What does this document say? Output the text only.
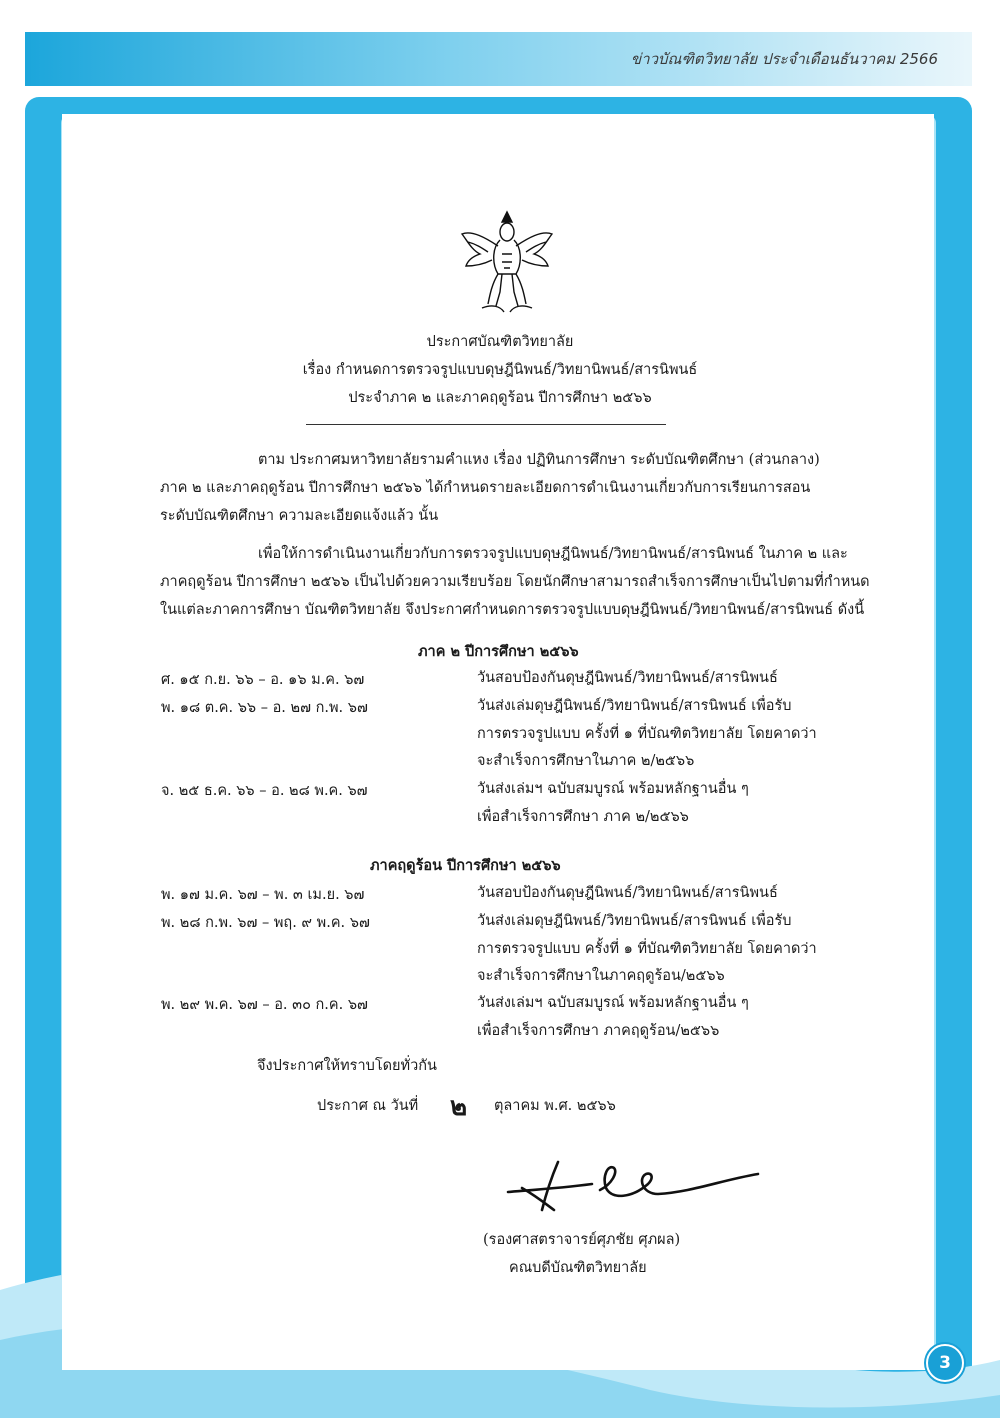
ข่าวบัณฑิตวิทยาลัย ประจำเดือนธันวาคม 2566
3
ประกาศบัณฑิตวิทยาลัย
เรื่อง กำหนดการตรวจรูปแบบดุษฎีนิพนธ์/วิทยานิพนธ์/สารนิพนธ์
ประจำภาค ๒ และภาคฤดูร้อน ปีการศึกษา ๒๕๖๖

ตาม ประกาศมหาวิทยาลัยรามคำแหง เรื่อง ปฏิทินการศึกษา ระดับบัณฑิตศึกษา (ส่วนกลาง)

ภาค ๒ และภาคฤดูร้อน ปีการศึกษา ๒๕๖๖ ได้กำหนดรายละเอียดการดำเนินงานเกี่ยวกับการเรียนการสอน

ระดับบัณฑิตศึกษา ความละเอียดแจ้งแล้ว นั้น

เพื่อให้การดำเนินงานเกี่ยวกับการตรวจรูปแบบดุษฎีนิพนธ์/วิทยานิพนธ์/สารนิพนธ์ ในภาค ๒ และ

ภาคฤดูร้อน ปีการศึกษา ๒๕๖๖ เป็นไปด้วยความเรียบร้อย โดยนักศึกษาสามารถสำเร็จการศึกษาเป็นไปตามที่กำหนด

ในแต่ละภาคการศึกษา บัณฑิตวิทยาลัย จึงประกาศกำหนดการตรวจรูปแบบดุษฎีนิพนธ์/วิทยานิพนธ์/สารนิพนธ์ ดังนี้

ภาค ๒ ปีการศึกษา ๒๕๖๖
ศ. ๑๕ ก.ย. ๖๖ – อ. ๑๖ ม.ค. ๖๗	วันสอบป้องกันดุษฎีนิพนธ์/วิทยานิพนธ์/สารนิพนธ์
พ. ๑๘ ต.ค. ๖๖ – อ. ๒๗ ก.พ. ๖๗	วันส่งเล่มดุษฎีนิพนธ์/วิทยานิพนธ์/สารนิพนธ์ เพื่อรับ
การตรวจรูปแบบ ครั้งที่ ๑ ที่บัณฑิตวิทยาลัย โดยคาดว่า
จะสำเร็จการศึกษาในภาค ๒/๒๕๖๖
จ. ๒๕ ธ.ค. ๖๖ – อ. ๒๘ พ.ค. ๖๗	วันส่งเล่มฯ ฉบับสมบูรณ์ พร้อมหลักฐานอื่น ๆ
เพื่อสำเร็จการศึกษา ภาค ๒/๒๕๖๖
ภาคฤดูร้อน ปีการศึกษา ๒๕๖๖
พ. ๑๗ ม.ค. ๖๗ – พ. ๓ เม.ย. ๖๗	วันสอบป้องกันดุษฎีนิพนธ์/วิทยานิพนธ์/สารนิพนธ์
พ. ๒๘ ก.พ. ๖๗ – พฤ. ๙ พ.ค. ๖๗	วันส่งเล่มดุษฎีนิพนธ์/วิทยานิพนธ์/สารนิพนธ์ เพื่อรับ
การตรวจรูปแบบ ครั้งที่ ๑ ที่บัณฑิตวิทยาลัย โดยคาดว่า
จะสำเร็จการศึกษาในภาคฤดูร้อน/๒๕๖๖
พ. ๒๙ พ.ค. ๖๗ – อ. ๓๐ ก.ค. ๖๗	วันส่งเล่มฯ ฉบับสมบูรณ์ พร้อมหลักฐานอื่น ๆ
เพื่อสำเร็จการศึกษา ภาคฤดูร้อน/๒๕๖๖
จึงประกาศให้ทราบโดยทั่วกัน
ประกาศ ณ วันที่ ๒ ตุลาคม พ.ศ. ๒๕๖๖
(รองศาสตราจารย์ศุภชัย ศุภผล)
คณบดีบัณฑิตวิทยาลัย
